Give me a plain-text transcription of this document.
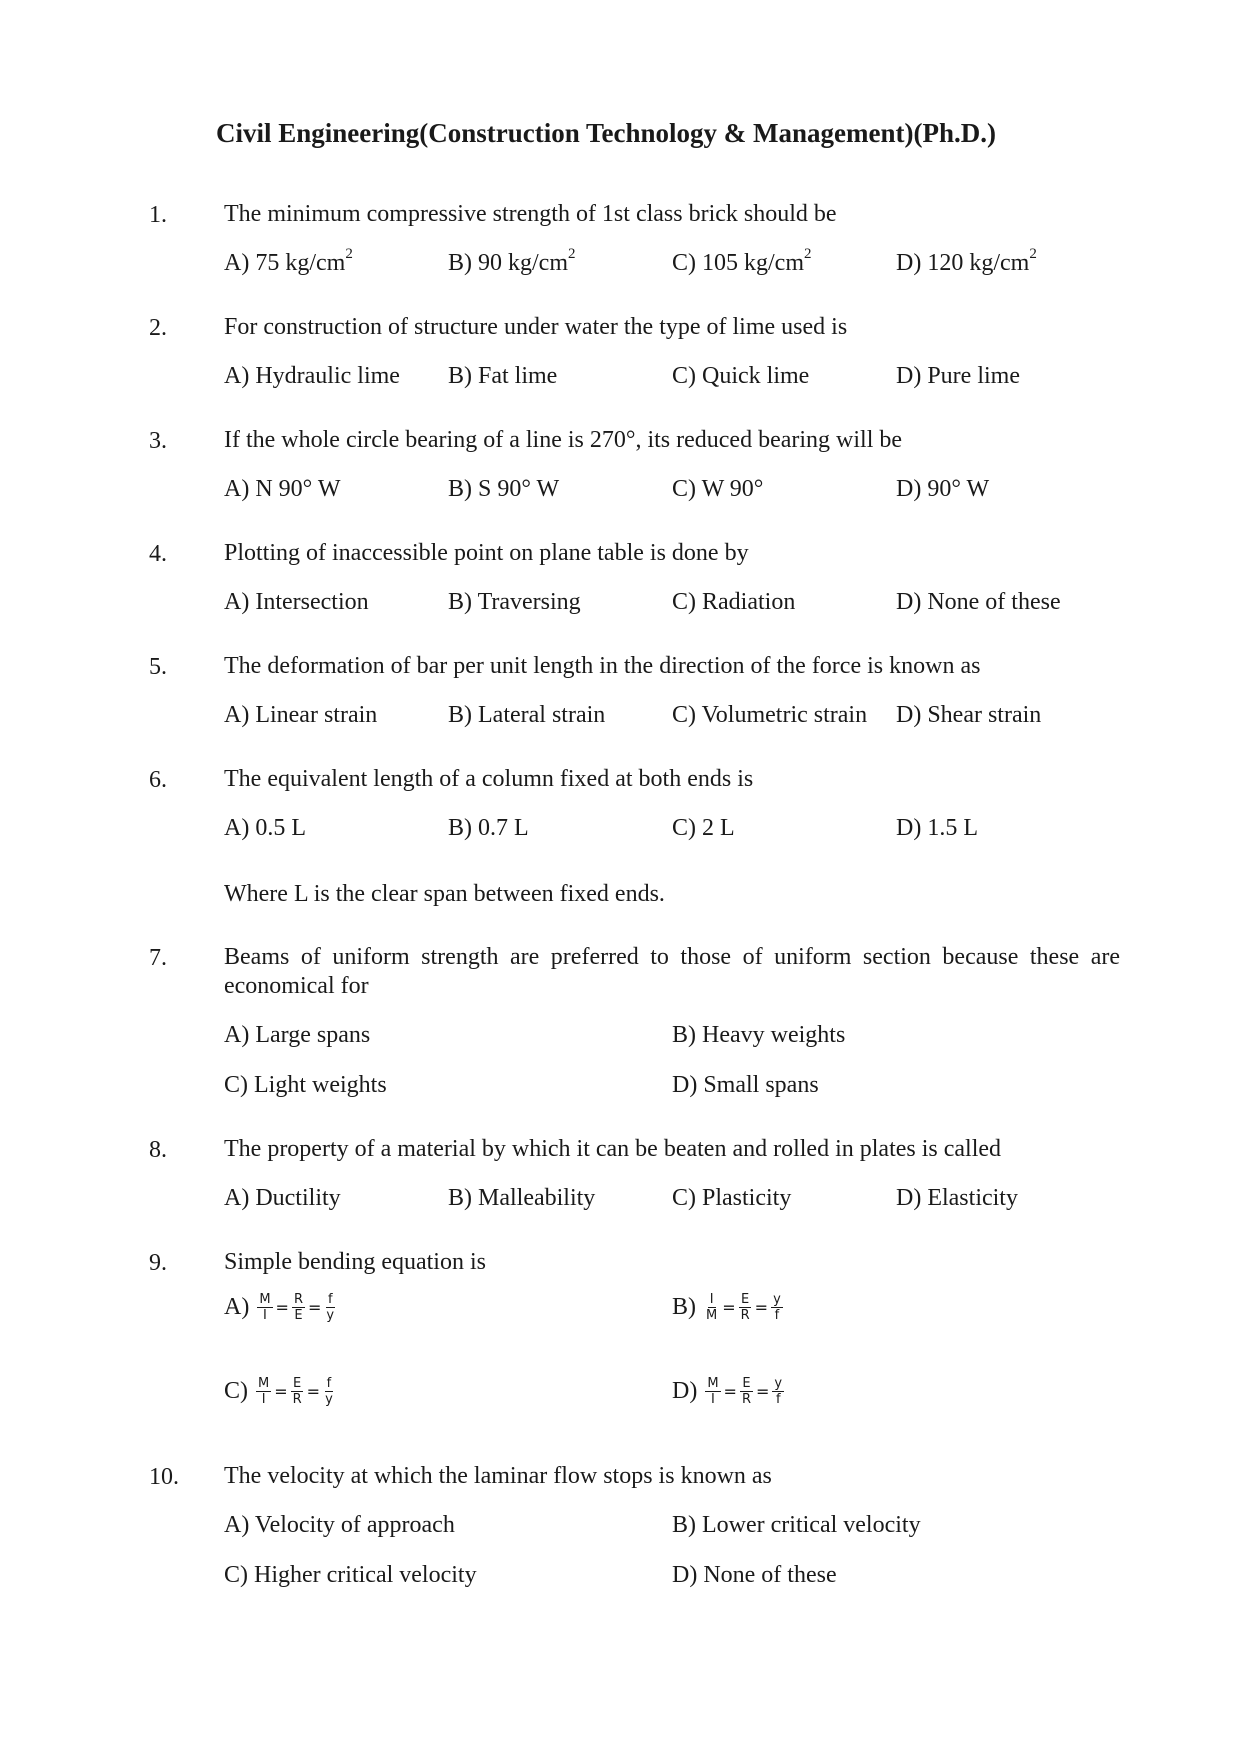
Civil Engineering(Construction Technology & Management)(Ph.D.)
1. The minimum compressive strength of 1st class brick should be
A) 75 $kg/cm^2$	B) 90 $kg/cm^2$	C) 105 $kg/cm^2$	D) 120 $kg/cm^2$
2. For construction of structure under water the type of lime used is
A) Hydraulic lime B) Fat lime	C) Quick lime	D) Pure lime
3. If the whole circle bearing of a line is 270°, its reduced bearing will be
A) N 90° W	B) S 90° W	C) W 90°	D) 90° W
4. Plotting of inaccessible point on plane table is done by
A) Intersection	B) Traversing	C) Radiation	D) None of these
5. The deformation of bar per unit length in the direction of the force is known as
A) Linear strain	B) Lateral strain	C) Volumetric strain D) Shear strain
6. The equivalent length of a column fixed at both ends is
A) 0.5 L	B) 0.7 L	C) 2 L	D) 1.5 L
Where L is the clear span between fixed ends.
7. Beams of uniform strength are preferred to those of uniform section because these are economical for
A) Large spans	B) Heavy weights
C) Light weights	D) Small spans
8. The property of a material by which it can be beaten and rolled in plates is called
A) Ductility	B) Malleability	C) Plasticity	D) Elasticity
9. Simple bending equation is
$A) \frac{M}{I} = \frac{R}{E} = \frac{f}{y}$	$B) \frac{I}{M} = \frac{E}{R} = \frac{y}{f}$
$C) \frac{M}{I} = \frac{E}{R} = \frac{f}{y}$	$D) \frac{M}{I} = \frac{E}{R} = \frac{y}{f}$
10. The velocity at which the laminar flow stops is known as
A) Velocity of approach	B) Lower critical velocity
C) Higher critical velocity	D) None of these
